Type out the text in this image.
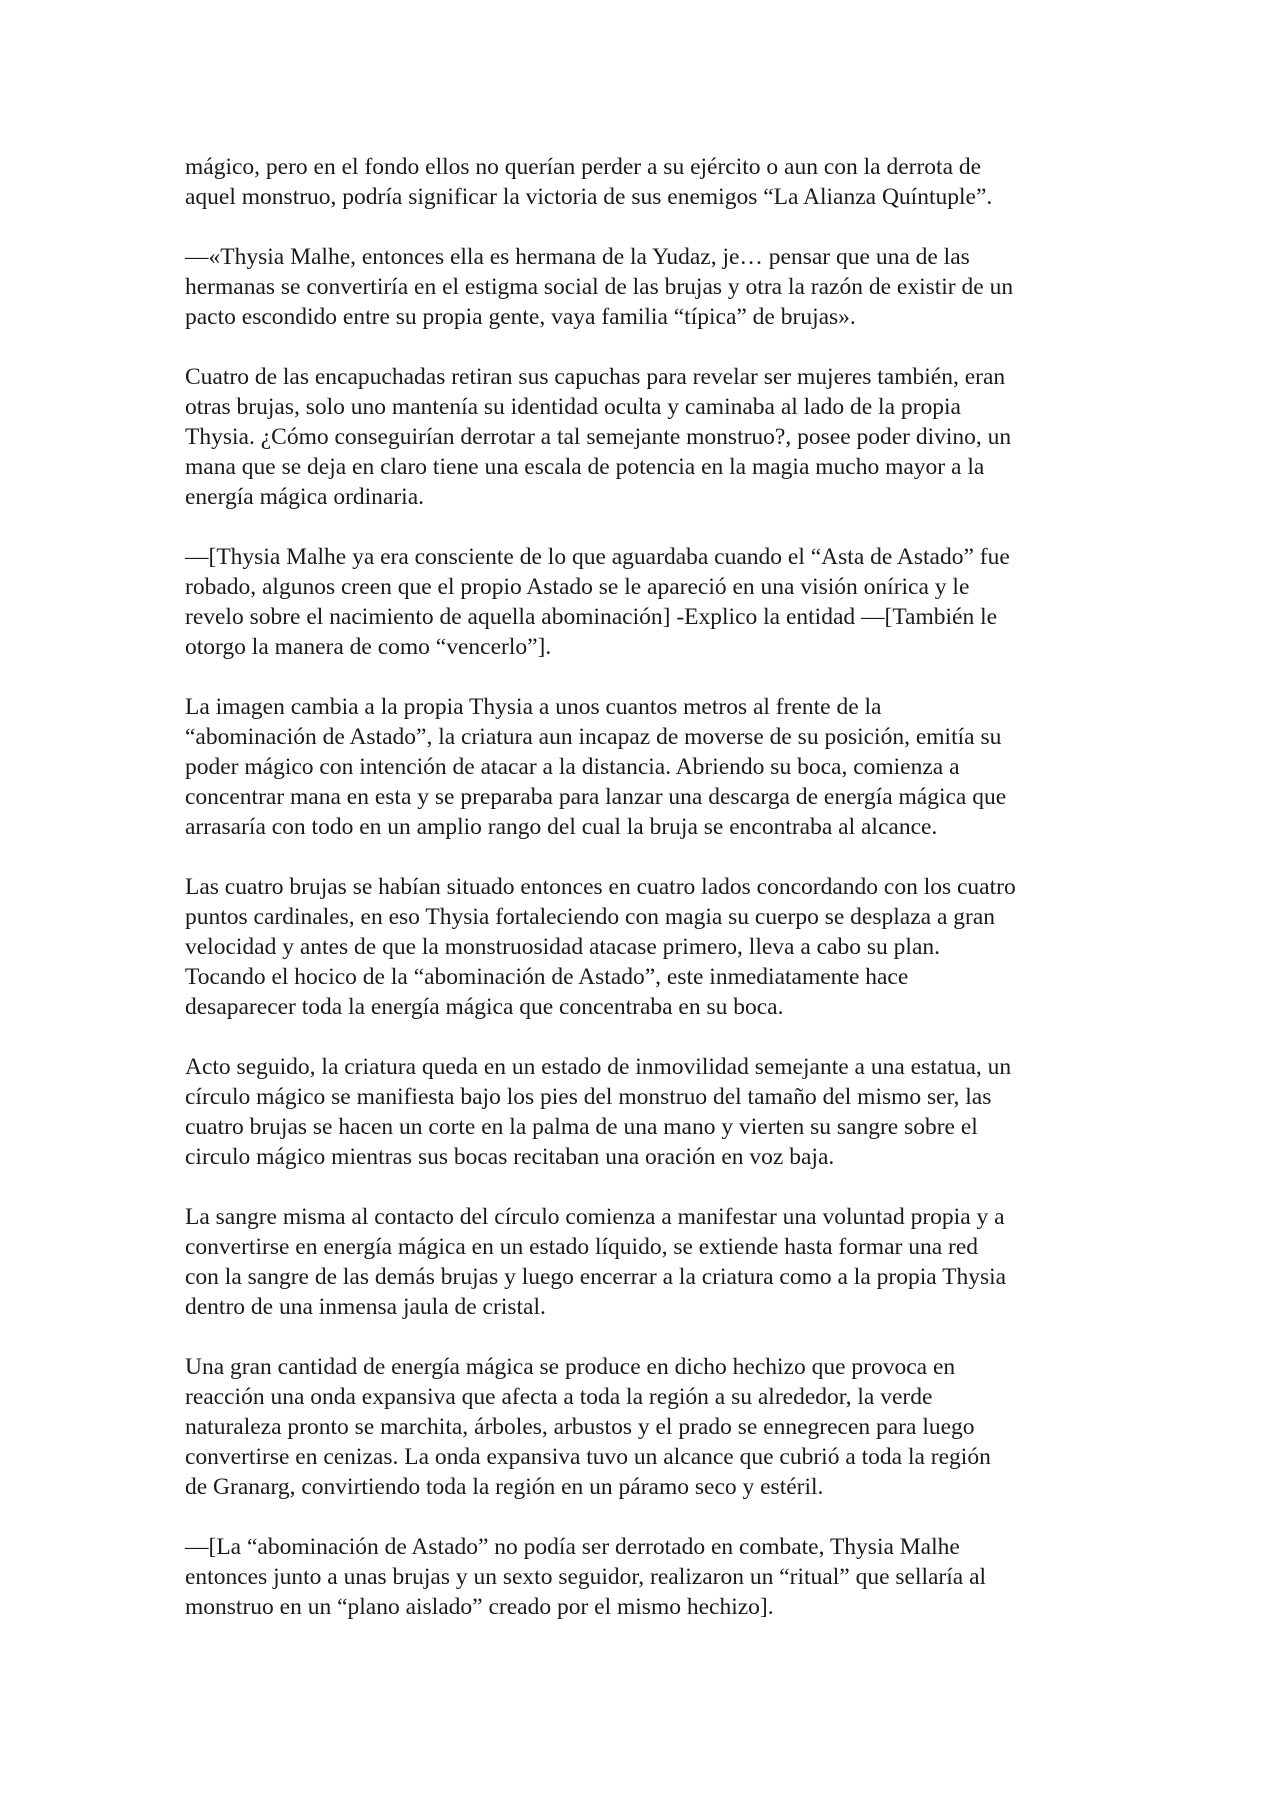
mágico, pero en el fondo ellos no querían perder a su ejército o aun con la derrota de
aquel monstruo, podría significar la victoria de sus enemigos “La Alianza Quíntuple”.

—«Thysia Malhe, entonces ella es hermana de la Yudaz, je… pensar que una de las
hermanas se convertiría en el estigma social de las brujas y otra la razón de existir de un
pacto escondido entre su propia gente, vaya familia “típica” de brujas».

Cuatro de las encapuchadas retiran sus capuchas para revelar ser mujeres también, eran
otras brujas, solo uno mantenía su identidad oculta y caminaba al lado de la propia
Thysia. ¿Cómo conseguirían derrotar a tal semejante monstruo?, posee poder divino, un
mana que se deja en claro tiene una escala de potencia en la magia mucho mayor a la
energía mágica ordinaria.

—[Thysia Malhe ya era consciente de lo que aguardaba cuando el “Asta de Astado” fue
robado, algunos creen que el propio Astado se le apareció en una visión onírica y le
revelo sobre el nacimiento de aquella abominación] -Explico la entidad —[También le
otorgo la manera de como “vencerlo”].

La imagen cambia a la propia Thysia a unos cuantos metros al frente de la
“abominación de Astado”, la criatura aun incapaz de moverse de su posición, emitía su
poder mágico con intención de atacar a la distancia. Abriendo su boca, comienza a
concentrar mana en esta y se preparaba para lanzar una descarga de energía mágica que
arrasaría con todo en un amplio rango del cual la bruja se encontraba al alcance.

Las cuatro brujas se habían situado entonces en cuatro lados concordando con los cuatro
puntos cardinales, en eso Thysia fortaleciendo con magia su cuerpo se desplaza a gran
velocidad y antes de que la monstruosidad atacase primero, lleva a cabo su plan.
Tocando el hocico de la “abominación de Astado”, este inmediatamente hace
desaparecer toda la energía mágica que concentraba en su boca.

Acto seguido, la criatura queda en un estado de inmovilidad semejante a una estatua, un
círculo mágico se manifiesta bajo los pies del monstruo del tamaño del mismo ser, las
cuatro brujas se hacen un corte en la palma de una mano y vierten su sangre sobre el
circulo mágico mientras sus bocas recitaban una oración en voz baja.

La sangre misma al contacto del círculo comienza a manifestar una voluntad propia y a
convertirse en energía mágica en un estado líquido, se extiende hasta formar una red
con la sangre de las demás brujas y luego encerrar a la criatura como a la propia Thysia
dentro de una inmensa jaula de cristal.

Una gran cantidad de energía mágica se produce en dicho hechizo que provoca en
reacción una onda expansiva que afecta a toda la región a su alrededor, la verde
naturaleza pronto se marchita, árboles, arbustos y el prado se ennegrecen para luego
convertirse en cenizas. La onda expansiva tuvo un alcance que cubrió a toda la región
de Granarg, convirtiendo toda la región en un páramo seco y estéril.

—[La “abominación de Astado” no podía ser derrotado en combate, Thysia Malhe
entonces junto a unas brujas y un sexto seguidor, realizaron un “ritual” que sellaría al
monstruo en un “plano aislado” creado por el mismo hechizo].
